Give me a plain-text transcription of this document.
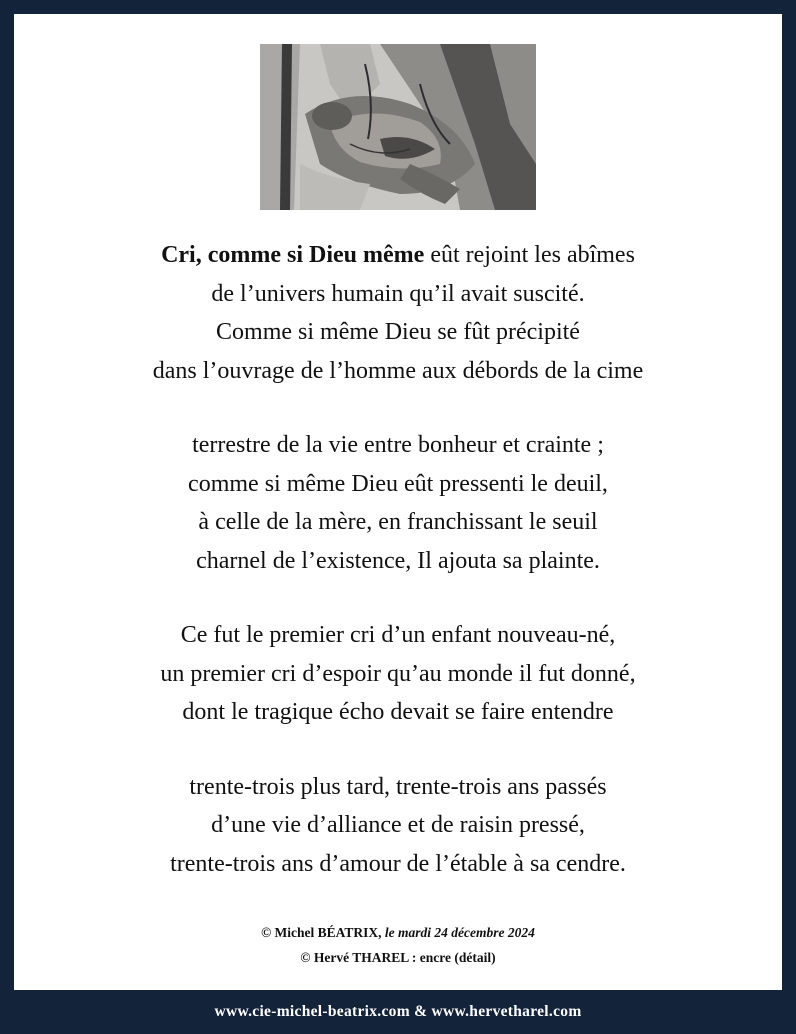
Cri, comme si Dieu même eût rejoint les abîmes
de l’univers humain qu’il avait suscité.
Comme si même Dieu se fût précipité
dans l’ouvrage de l’homme aux débords de la cime
terrestre de la vie entre bonheur et crainte ;
comme si même Dieu eût pressenti le deuil,
à celle de la mère, en franchissant le seuil
charnel de l’existence, Il ajouta sa plainte.
Ce fut le premier cri d’un enfant nouveau-né,
un premier cri d’espoir qu’au monde il fut donné,
dont le tragique écho devait se faire entendre
trente-trois plus tard, trente-trois ans passés
d’une vie d’alliance et de raisin pressé,
trente-trois ans d’amour de l’étable à sa cendre.
© Michel BÉATRIX, le mardi 24 décembre 2024
© Hervé THAREL : encre (détail)
www.cie-michel-beatrix.com & www.hervetharel.com
